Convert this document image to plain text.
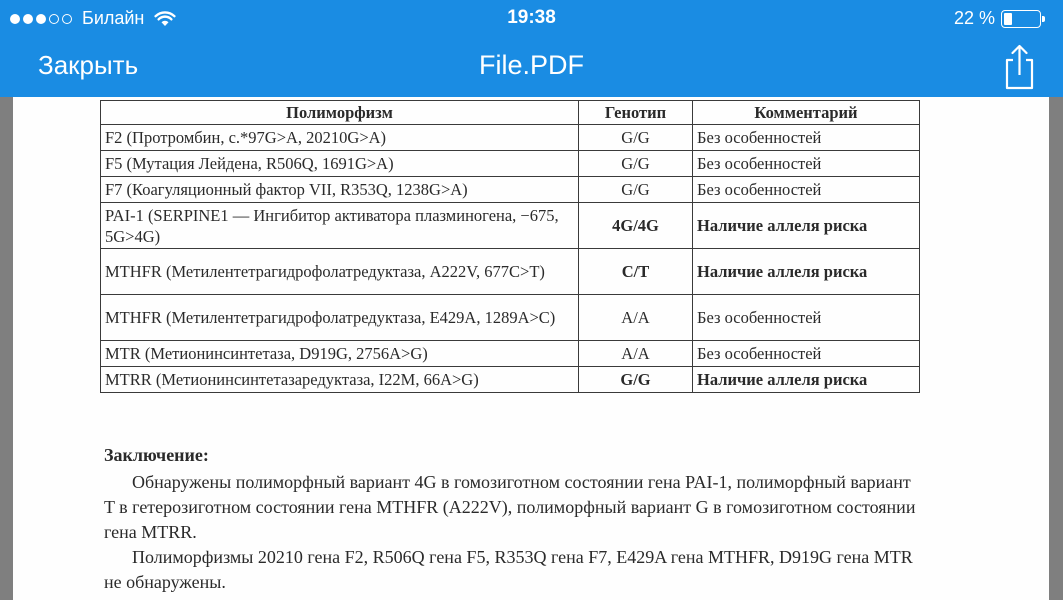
Билайн	19:38	22 %
Закрыть	File.PDF
Полиморфизм	Генотип	Комментарий
F2 (Протромбин, c.*97G>A, 20210G>A)	G/G	Без особенностей
F5 (Мутация Лейдена, R506Q, 1691G>A)	G/G	Без особенностей
F7 (Коагуляционный фактор VII, R353Q, 1238G>A)	G/G	Без особенностей
PAI-1 (SERPINE1 — Ингибитор активатора плазминогена, −675, 5G>4G)	4G/4G	Наличие аллеля риска
MTHFR (Метилентетрагидрофолатредуктаза, A222V, 677C>T)	C/T	Наличие аллеля риска
MTHFR (Метилентетрагидрофолатредуктаза, E429A, 1289A>C)	A/A	Без особенностей
MTR (Метионинсинтетаза, D919G, 2756A>G)	A/A	Без особенностей
MTRR (Метионинсинтетазаредуктаза, I22M, 66A>G)	G/G	Наличие аллеля риска
Заключение:

Обнаружены полиморфный вариант 4G в гомозиготном состоянии гена PAI-1, полиморфный вариант T в гетерозиготном состоянии гена MTHFR (A222V), полиморфный вариант G в гомозиготном состоянии гена MTRR.

Полиморфизмы 20210 гена F2, R506Q гена F5, R353Q гена F7, E429A гена MTHFR, D919G гена MTR не обнаружены.
